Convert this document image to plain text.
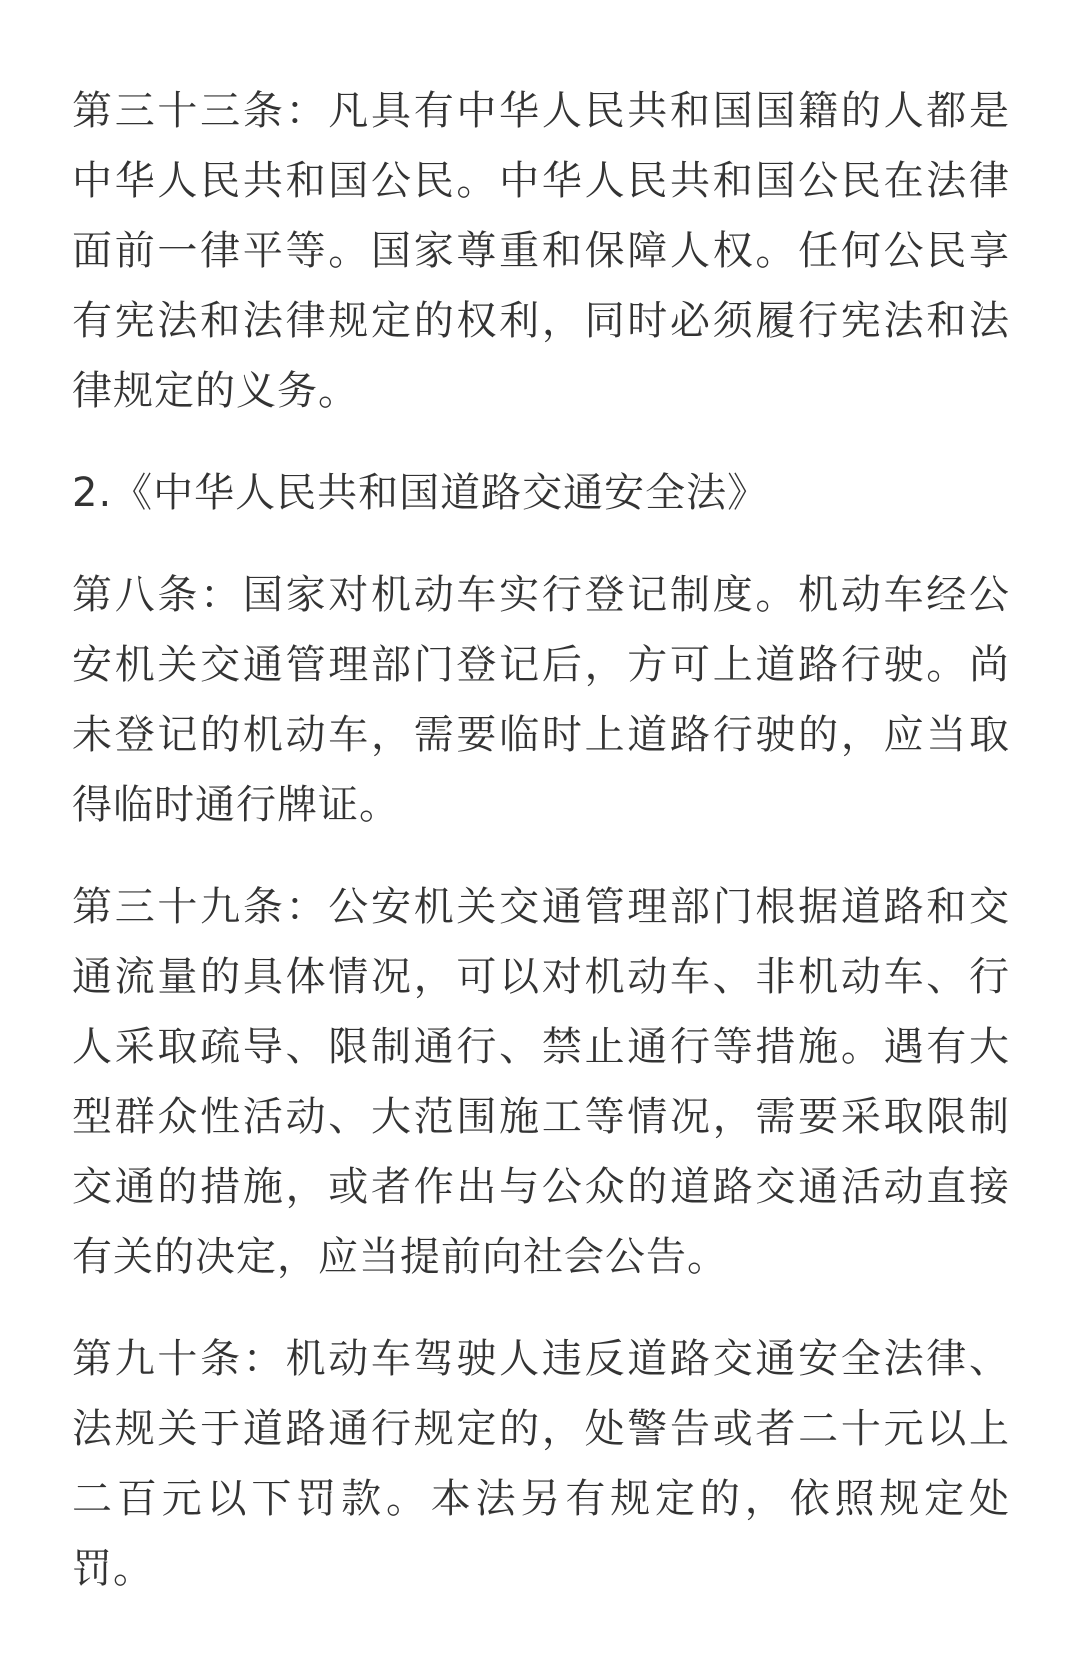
第三十三条：凡具有中华人民共和国国籍的人都是中华人民共和国公民。中华人民共和国公民在法律面前一律平等。国家尊重和保障人权。任何公民享有宪法和法律规定的权利，同时必须履行宪法和法律规定的义务。

2.《中华人民共和国道路交通安全法》

第八条：国家对机动车实行登记制度。机动车经公安机关交通管理部门登记后，方可上道路行驶。尚未登记的机动车，需要临时上道路行驶的，应当取得临时通行牌证。

第三十九条：公安机关交通管理部门根据道路和交通流量的具体情况，可以对机动车、非机动车、行人采取疏导、限制通行、禁止通行等措施。遇有大型群众性活动、大范围施工等情况，需要采取限制交通的措施，或者作出与公众的道路交通活动直接有关的决定，应当提前向社会公告。

第九十条：机动车驾驶人违反道路交通安全法律、法规关于道路通行规定的，处警告或者二十元以上二百元以下罚款。本法另有规定的，依照规定处罚。
